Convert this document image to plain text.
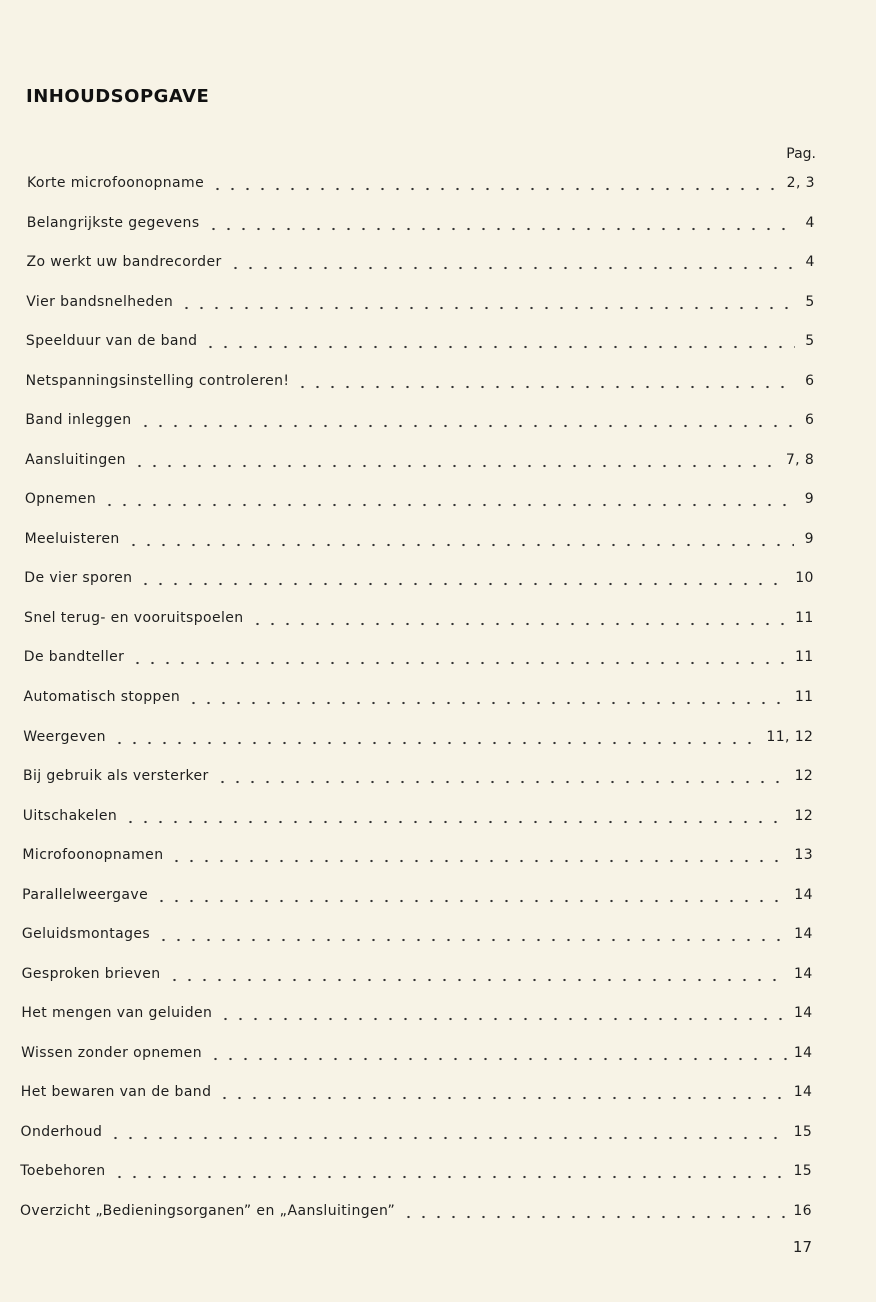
INHOUDSOPGAVE
Pag.
Korte microfoonopname	2, 3
Belangrijkste gegevens	4
Zo werkt uw bandrecorder	4
Vier bandsnelheden	5
Speelduur van de band	5
Netspanningsinstelling controleren!	6
Band inleggen	6
Aansluitingen	7, 8
Opnemen	9
Meeluisteren	9
De vier sporen	10
Snel terug- en vooruitspoelen	11
De bandteller	11
Automatisch stoppen	11
Weergeven	11, 12
Bij gebruik als versterker	12
Uitschakelen	12
Microfoonopnamen	13
Parallelweergave	14
Geluidsmontages	14
Gesproken brieven	14
Het mengen van geluiden	14
Wissen zonder opnemen	14
Het bewaren van de band	14
Onderhoud	15
Toebehoren	15
Overzicht „Bedieningsorganen” en „Aansluitingen”	16
17
